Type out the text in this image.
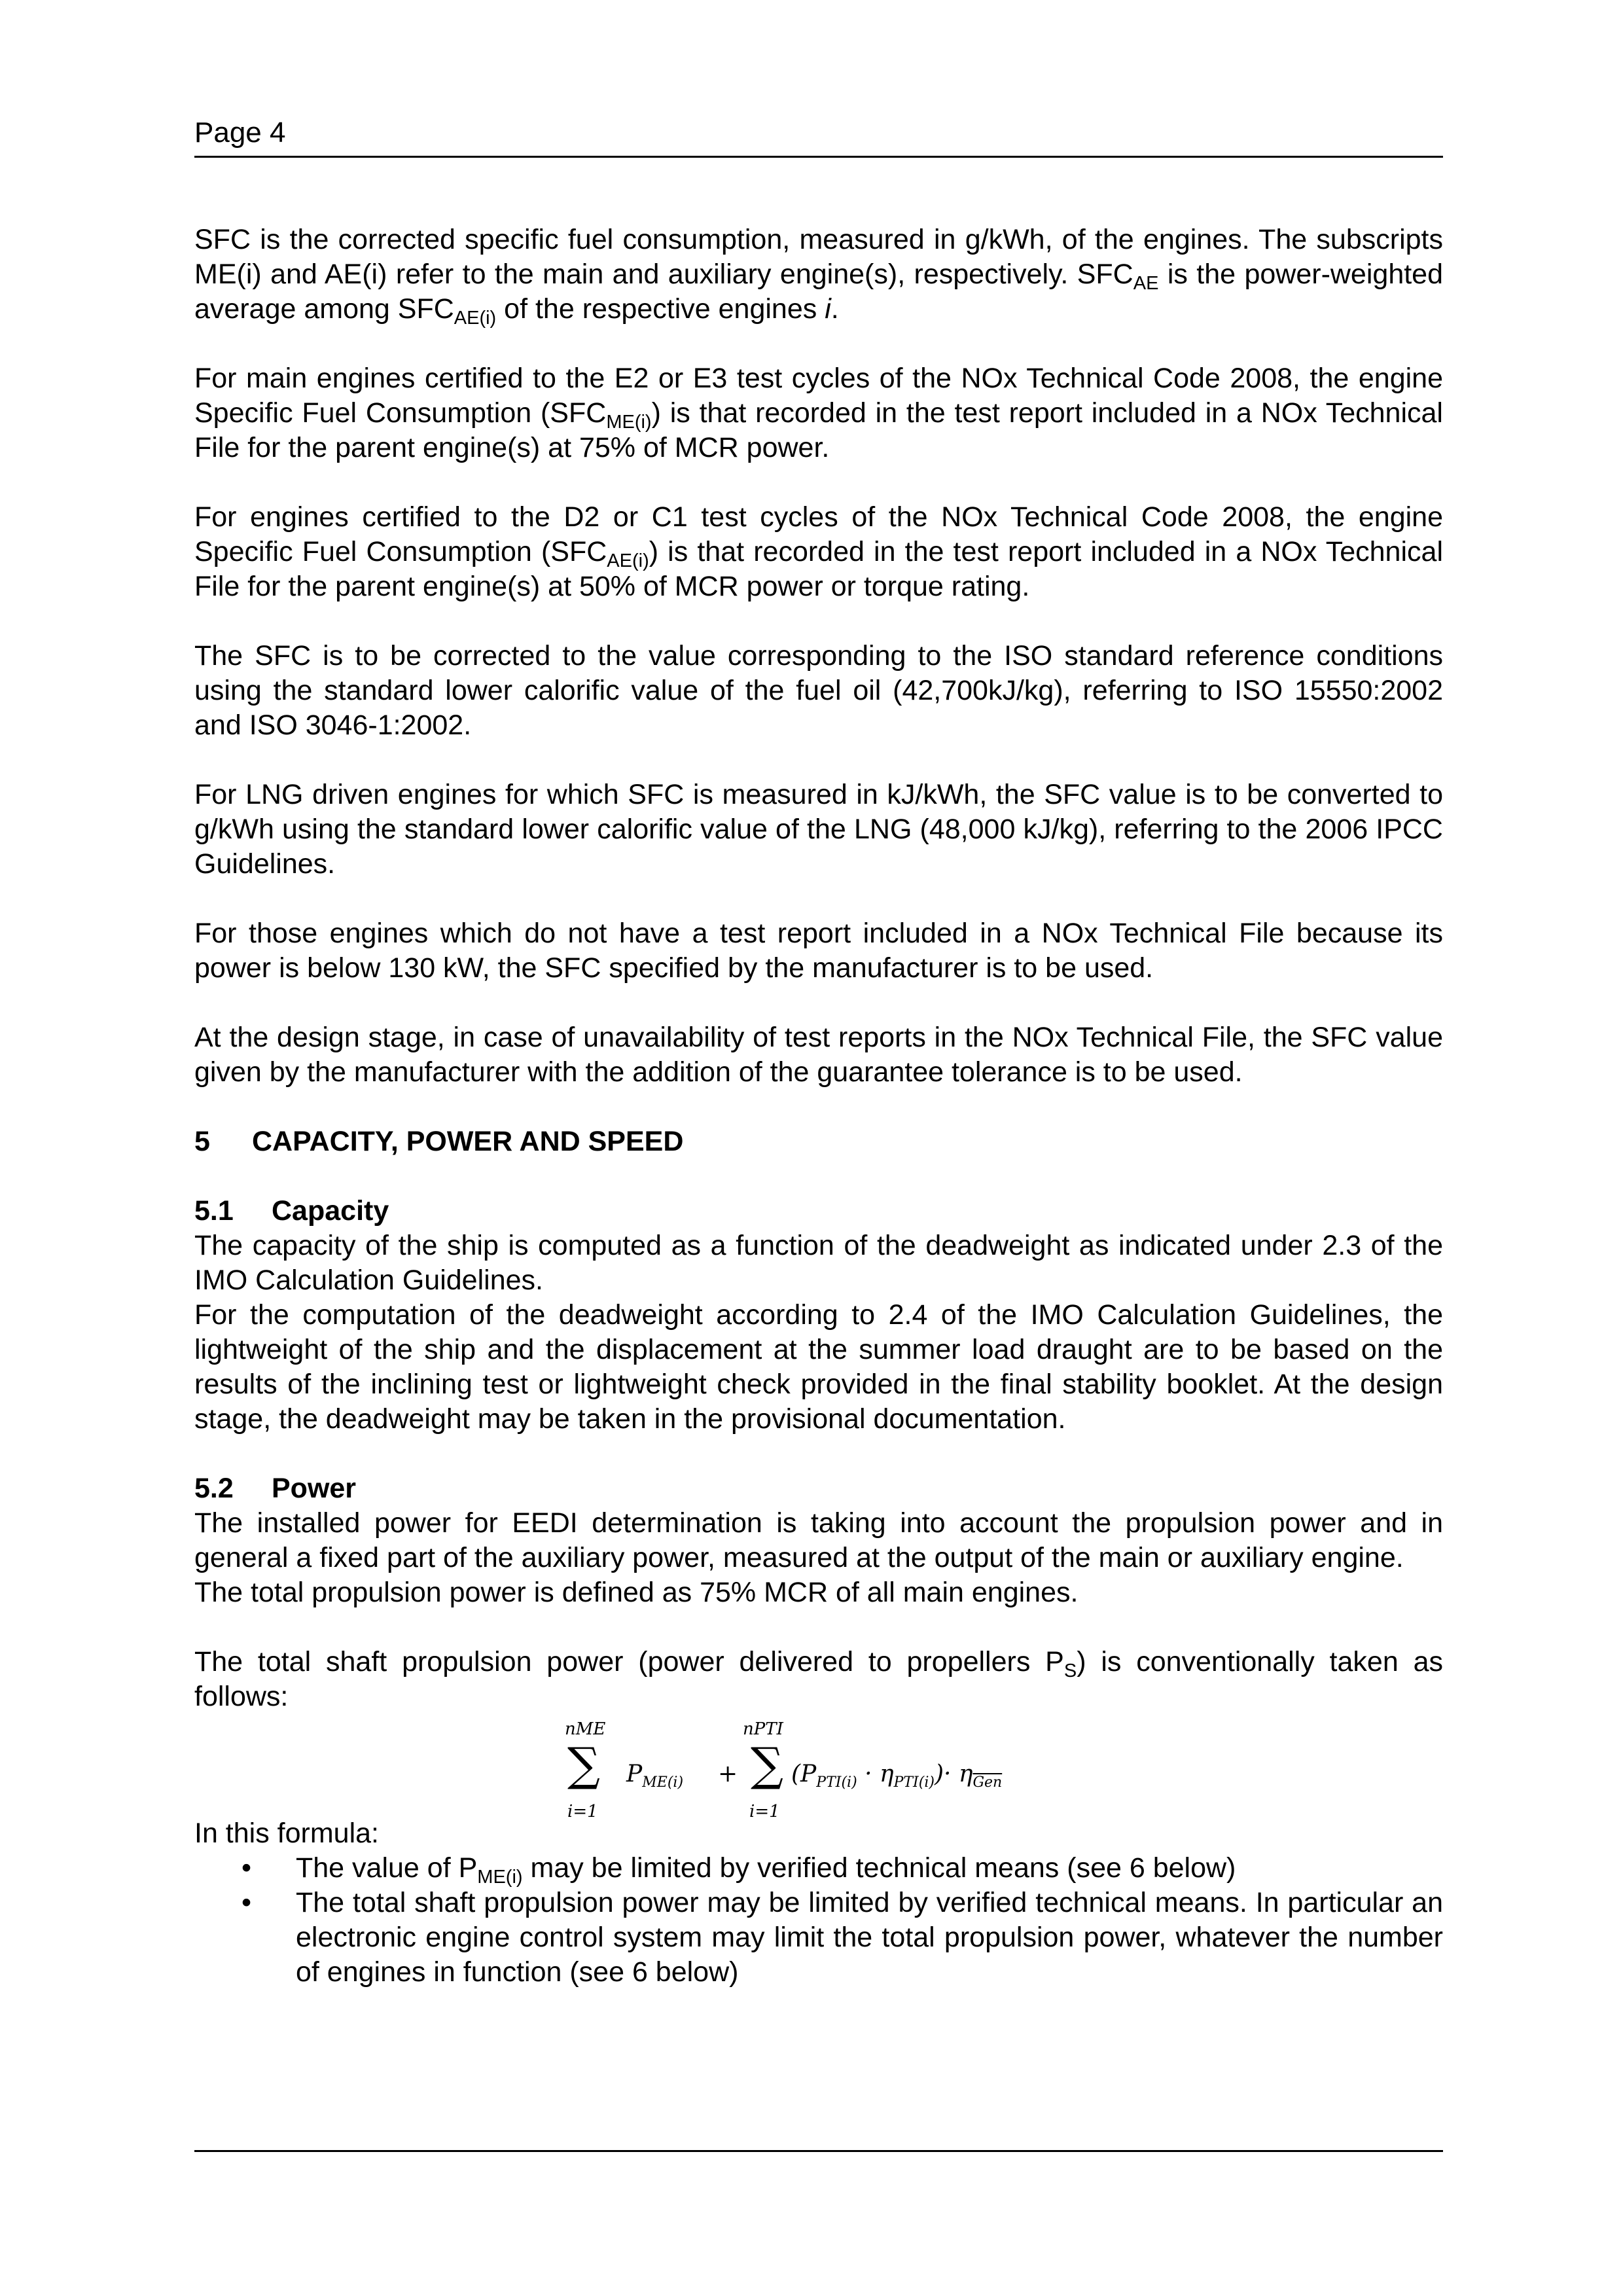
Page 4

SFC is the corrected specific fuel consumption, measured in g/kWh, of the engines. The subscripts ME(i) and AE(i) refer to the main and auxiliary engine(s), respectively. $SFC_{AE}$ is the power-weighted average among $SFC_{AE(i)}$ of the respective engines i.

For main engines certified to the E2 or E3 test cycles of the NOx Technical Code 2008, the engine Specific Fuel Consumption $(SFC_{ME(i)})$ is that recorded in the test report included in a NOx Technical File for the parent engine(s) at 75% of MCR power.

For engines certified to the D2 or C1 test cycles of the NOx Technical Code 2008, the engine Specific Fuel Consumption $(SFC_{AE(i)})$ is that recorded in the test report included in a NOx Technical File for the parent engine(s) at 50% of MCR power or torque rating.

The SFC is to be corrected to the value corresponding to the ISO standard reference conditions using the standard lower calorific value of the fuel oil (42,700kJ/kg), referring to ISO 15550:2002 and ISO 3046-1:2002.

For LNG driven engines for which SFC is measured in kJ/kWh, the SFC value is to be converted to g/kWh using the standard lower calorific value of the LNG (48,000 kJ/kg), referring to the 2006 IPCC Guidelines.

For those engines which do not have a test report included in a NOx Technical File because its power is below 130 kW, the SFC specified by the manufacturer is to be used.

At the design stage, in case of unavailability of test reports in the NOx Technical File, the SFC value given by the manufacturer with the addition of the guarantee tolerance is to be used.

5 CAPACITY, POWER AND SPEED
5.1 Capacity

The capacity of the ship is computed as a function of the deadweight as indicated under 2.3 of the IMO Calculation Guidelines.

For the computation of the deadweight according to 2.4 of the IMO Calculation Guidelines, the lightweight of the ship and the displacement at the summer load draught are to be based on the results of the inclining test or lightweight check provided in the final stability booklet. At the design stage, the deadweight may be taken in the provisional documentation.

5.2 Power

The installed power for EEDI determination is taking into account the propulsion power and in general a fixed part of the auxiliary power, measured at the output of the main or auxiliary engine.

The total propulsion power is defined as 75% MCR of all main engines.

The total shaft propulsion power (power delivered to propellers $P_S$) is conventionally taken as follows:

nME
∑
i=1
$P_{ME(i)}$ +
nPTI
∑
i=1
$(P_{PTI(i)} \cdot \eta_{PTI(i)})\cdot \eta_{\overline{Gen}}$

In this formula:

• The value of $P_{ME(i)}$ may be limited by verified technical means (see 6 below)
• The total shaft propulsion power may be limited by verified technical means. In particular an electronic engine control system may limit the total propulsion power, whatever the number of engines in function (see 6 below)
